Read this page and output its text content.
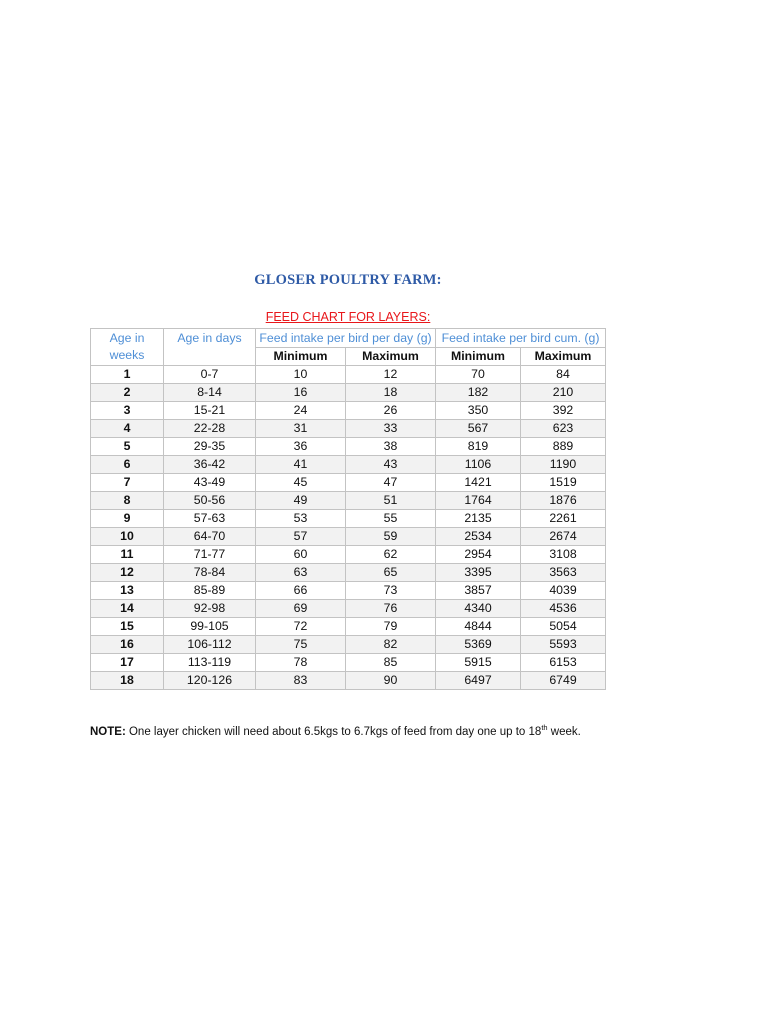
GLOSER POULTRY FARM:
FEED CHART FOR LAYERS:
Age in weeks	Age in days	Feed intake per bird per day (g)		Feed intake per bird cum. (g)	
		Minimum	Maximum	Minimum	Maximum
1	0-7	10	12	70	84
2	8-14	16	18	182	210
3	15-21	24	26	350	392
4	22-28	31	33	567	623
5	29-35	36	38	819	889
6	36-42	41	43	1106	1190
7	43-49	45	47	1421	1519
8	50-56	49	51	1764	1876
9	57-63	53	55	2135	2261
10	64-70	57	59	2534	2674
11	71-77	60	62	2954	3108
12	78-84	63	65	3395	3563
13	85-89	66	73	3857	4039
14	92-98	69	76	4340	4536
15	99-105	72	79	4844	5054
16	106-112	75	82	5369	5593
17	113-119	78	85	5915	6153
18	120-126	83	90	6497	6749
NOTE: One layer chicken will need about 6.5kgs to 6.7kgs of feed from day one up to 18th week.
